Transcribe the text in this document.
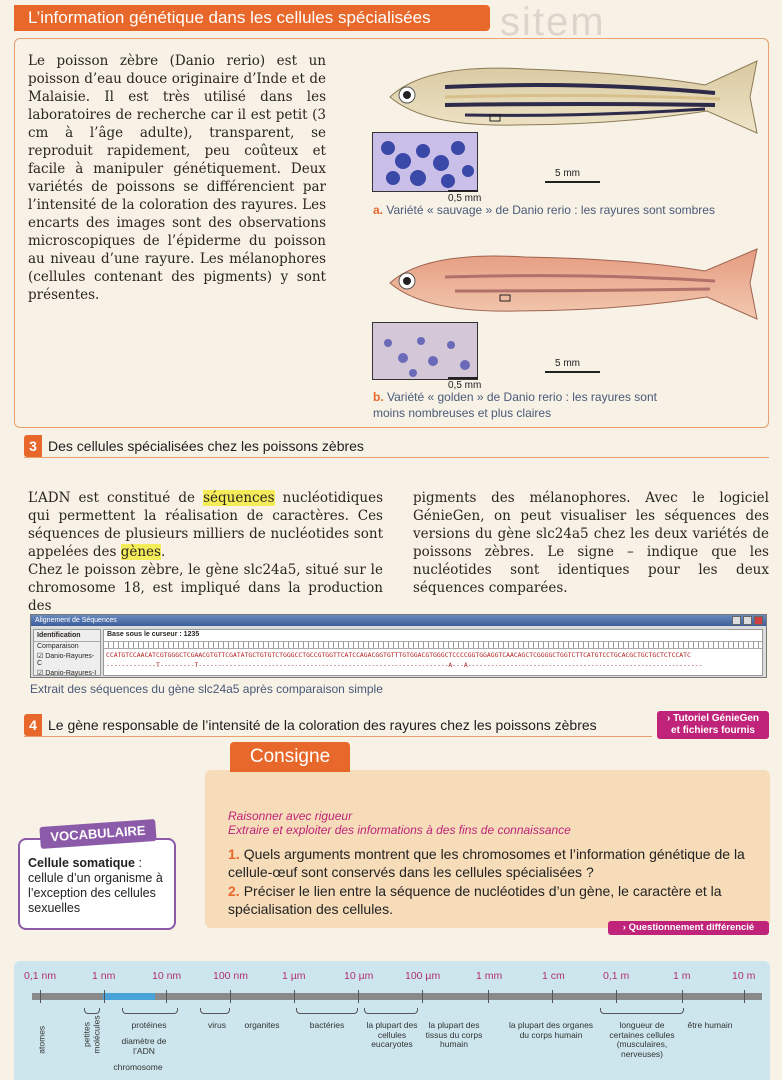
L’information génétique dans les cellules spécialisées	sitem
Le poisson zèbre (Danio rerio) est un poisson d’eau douce originaire d’Inde et de Malaisie. Il est très utilisé dans les laboratoires de recherche car il est petit (3 cm à l’âge adulte), transparent, se reproduit rapidement, peu coûteux et facile à manipuler génétiquement. Deux variétés de poissons se différencient par l’intensité de la coloration des rayures. Les encarts des images sont des observations microscopiques de l’épiderme du poisson au niveau d’une rayure. Les mélanophores (cellules contenant des pigments) y sont présentes.
0,5 mm
5 mm
a. Variété « sauvage » de Danio rerio : les rayures sont sombres
0,5 mm
5 mm
b. Variété « golden » de Danio rerio : les rayures sont
moins nombreuses et plus claires
3 Des cellules spécialisées chez les poissons zèbres
L’ADN est constitué de séquences nucléotidiques qui permettent la réalisation de caractères. Ces séquences de plusieurs milliers de nucléotides sont appelées des gènes.
Chez le poisson zèbre, le gène slc24a5, situé sur le chromosome 18, est impliqué dans la production des
pigments des mélanophores. Avec le logiciel GénieGen, on peut visualiser les séquences des versions du gène slc24a5 chez les deux variétés de poissons zèbres. Le signe – indique que les nucléotides sont identiques pour les deux séquences comparées.
Alignement de Séquences
Identification
Comparaison
☑ Danio-Rayures-C
☑ Danio-Rayures-I
Base sous le curseur : 1235
CCATGTCCAACATCGTGGGCTCGAACGTGTTCGATATGCTGTGTCTGGGCCTGCCGTGGTTCATCCAGACGGTGTTTGTGGACGTGGGCTCCCCGGTGGAGGTCAACAGCTCGGGGCTGGTCTTCATGTCCTGCACGCTGCTGCTCTCCATC
-------------T---------T-----------------------------------------------------------------A---A-------------------------------------------------------------
Extrait des séquences du gène slc24a5 après comparaison simple
4 Le gène responsable de l’intensité de la coloration des rayures chez les poissons zèbres	› Tutoriel GénieGen
et fichiers fournis
Consigne
Raisonner avec rigueur
Extraire et exploiter des informations à des fins de connaissance
1. Quels arguments montrent que les chromosomes et l’information génétique de la cellule-œuf sont conservés dans les cellules spécialisées ?
2. Préciser le lien entre la séquence de nucléotides d’un gène, le caractère et la spécialisation des cellules.
› Questionnement différencié
VOCABULAIRE
Cellule somatique :
cellule d’un organisme à l’exception des cellules sexuelles
0,1 nm	1 nm	10 nm	100 nm	1 µm	10 µm	100 µm	1 mm	1 cm	0,1 m	1 m	10 m
atomes	petites molécules	protéines
diamètre de l’ADN
chromosome
virus	organites	bactéries	la plupart des cellules eucaryotes
la plupart des tissus du corps humain
la plupart des organes du corps humain
longueur de certaines cellules (musculaires, nerveuses)
être humain
